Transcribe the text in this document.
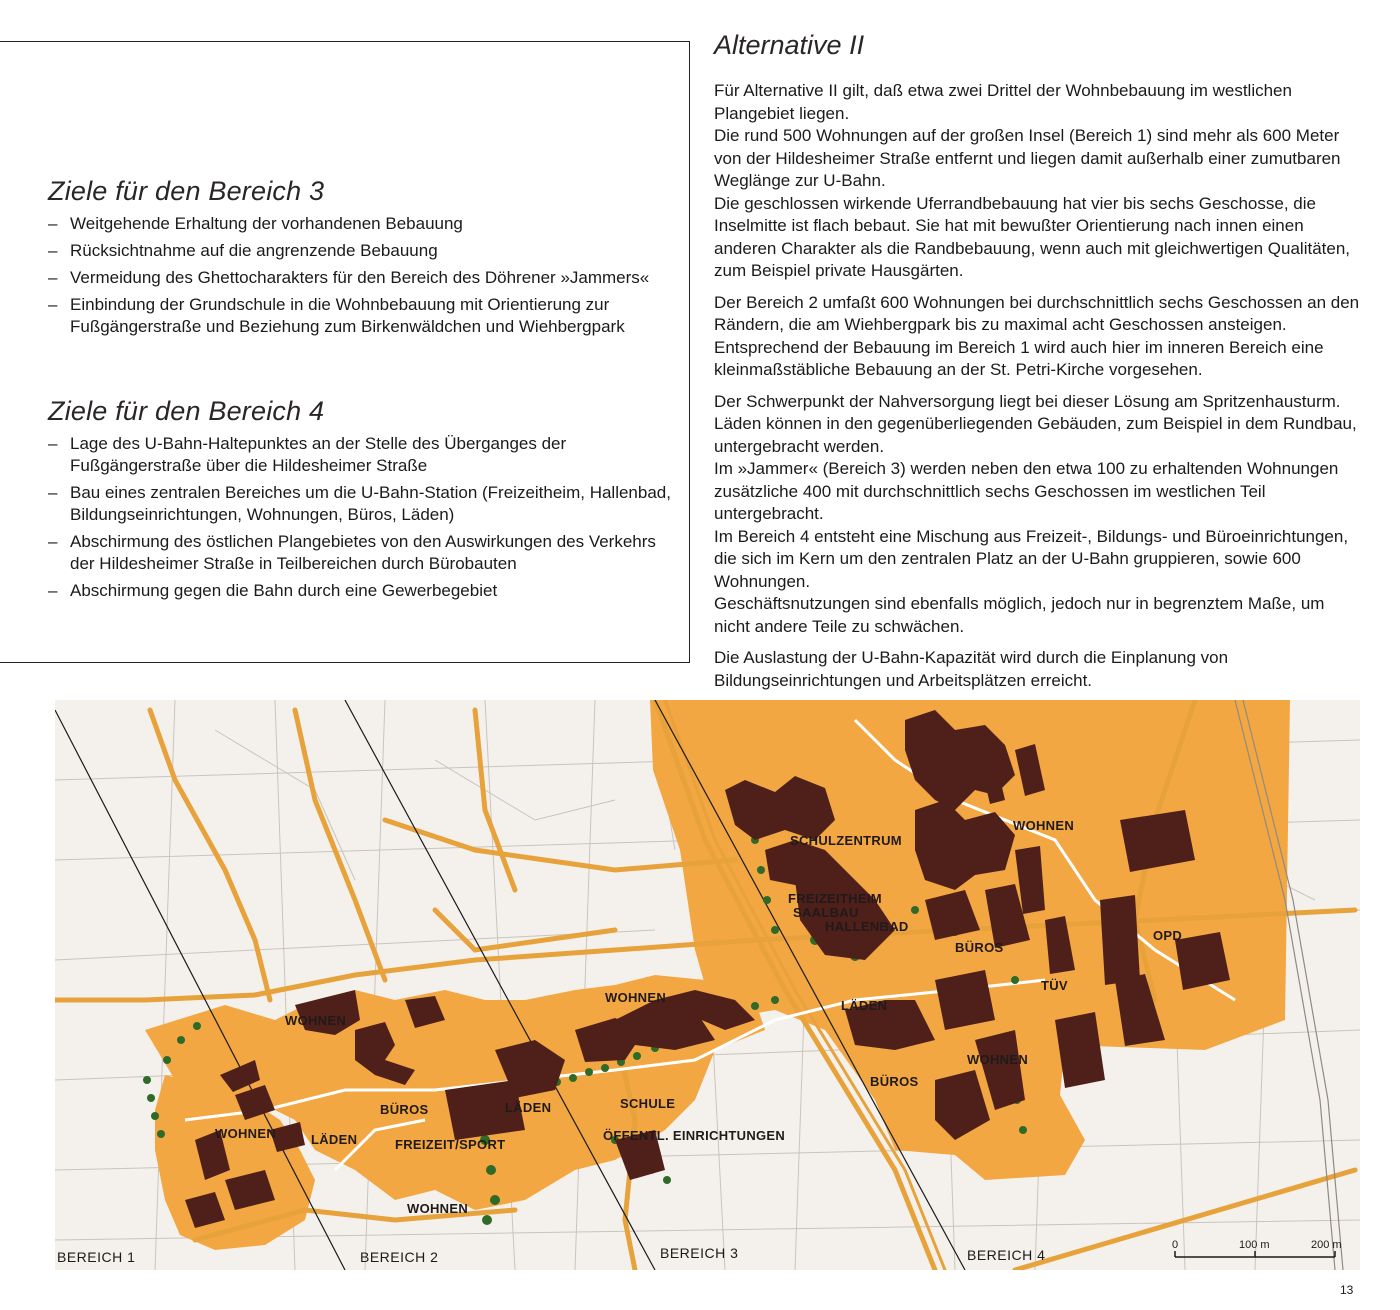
Ziele für den Bereich 3
– Weitgehende Erhaltung der vorhandenen Bebauung
– Rücksichtnahme auf die angrenzende Bebauung
– Vermeidung des Ghettocharakters für den Bereich des Döhrener »Jammers«
– Einbindung der Grundschule in die Wohnbebauung mit Orientierung zur Fußgängerstraße und Beziehung zum Birkenwäldchen und Wiehbergpark
Ziele für den Bereich 4
– Lage des U-Bahn-Haltepunktes an der Stelle des Überganges der Fußgängerstraße über die Hildesheimer Straße
– Bau eines zentralen Bereiches um die U-Bahn-Station (Freizeitheim, Hallenbad, Bildungseinrichtungen, Wohnungen, Büros, Läden)
– Abschirmung des östlichen Plangebietes von den Auswirkungen des Verkehrs der Hildesheimer Straße in Teilbereichen durch Bürobauten
– Abschirmung gegen die Bahn durch eine Gewerbegebiet
Alternative II

Für Alternative II gilt, daß etwa zwei Drittel der Wohnbebauung im westlichen Plangebiet liegen.
Die rund 500 Wohnungen auf der großen Insel (Bereich 1) sind mehr als 600 Meter von der Hildesheimer Straße entfernt und liegen damit außerhalb einer zumutbaren Weglänge zur U-Bahn.
Die geschlossen wirkende Uferrandbebauung hat vier bis sechs Geschosse, die Inselmitte ist flach bebaut. Sie hat mit bewußter Orientierung nach innen einen anderen Charakter als die Randbebauung, wenn auch mit gleichwertigen Qualitäten, zum Beispiel private Hausgärten.

Der Bereich 2 umfaßt 600 Wohnungen bei durchschnittlich sechs Geschossen an den Rändern, die am Wiehbergpark bis zu maximal acht Geschossen ansteigen. Entsprechend der Bebauung im Bereich 1 wird auch hier im inneren Bereich eine kleinmaßstäbliche Bebauung an der St. Petri-Kirche vorgesehen.

Der Schwerpunkt der Nahversorgung liegt bei dieser Lösung am Spritzenhausturm. Läden können in den gegenüberliegenden Gebäuden, zum Beispiel in dem Rundbau, untergebracht werden.
Im »Jammer« (Bereich 3) werden neben den etwa 100 zu erhaltenden Wohnungen zusätzliche 400 mit durchschnittlich sechs Geschossen im westlichen Teil untergebracht.
Im Bereich 4 entsteht eine Mischung aus Freizeit-, Bildungs- und Büroeinrichtungen, die sich im Kern um den zentralen Platz an der U-Bahn gruppieren, sowie 600 Wohnungen.
Geschäftsnutzungen sind ebenfalls möglich, jedoch nur in begrenztem Maße, um nicht andere Teile zu schwächen.

Die Auslastung der U-Bahn-Kapazität wird durch die Einplanung von Bildungseinrichtungen und Arbeitsplätzen erreicht.

SCHULZENTRUM
WOHNEN
FREIZEITHEIM
SAALBAU
HALLENBAD
BÜROS
OPD
TÜV
LÄDEN
WOHNEN
BÜROS
WOHNEN
WOHNEN
SCHULE
ÖFFENTL. EINRICHTUNGEN
LÄDEN
BÜROS
FREIZEIT/SPORT
WOHNEN	LÄDEN
WOHNEN
BEREICH 1	BEREICH 2	BEREICH 3	BEREICH 4
0	100 m	200 m
13
